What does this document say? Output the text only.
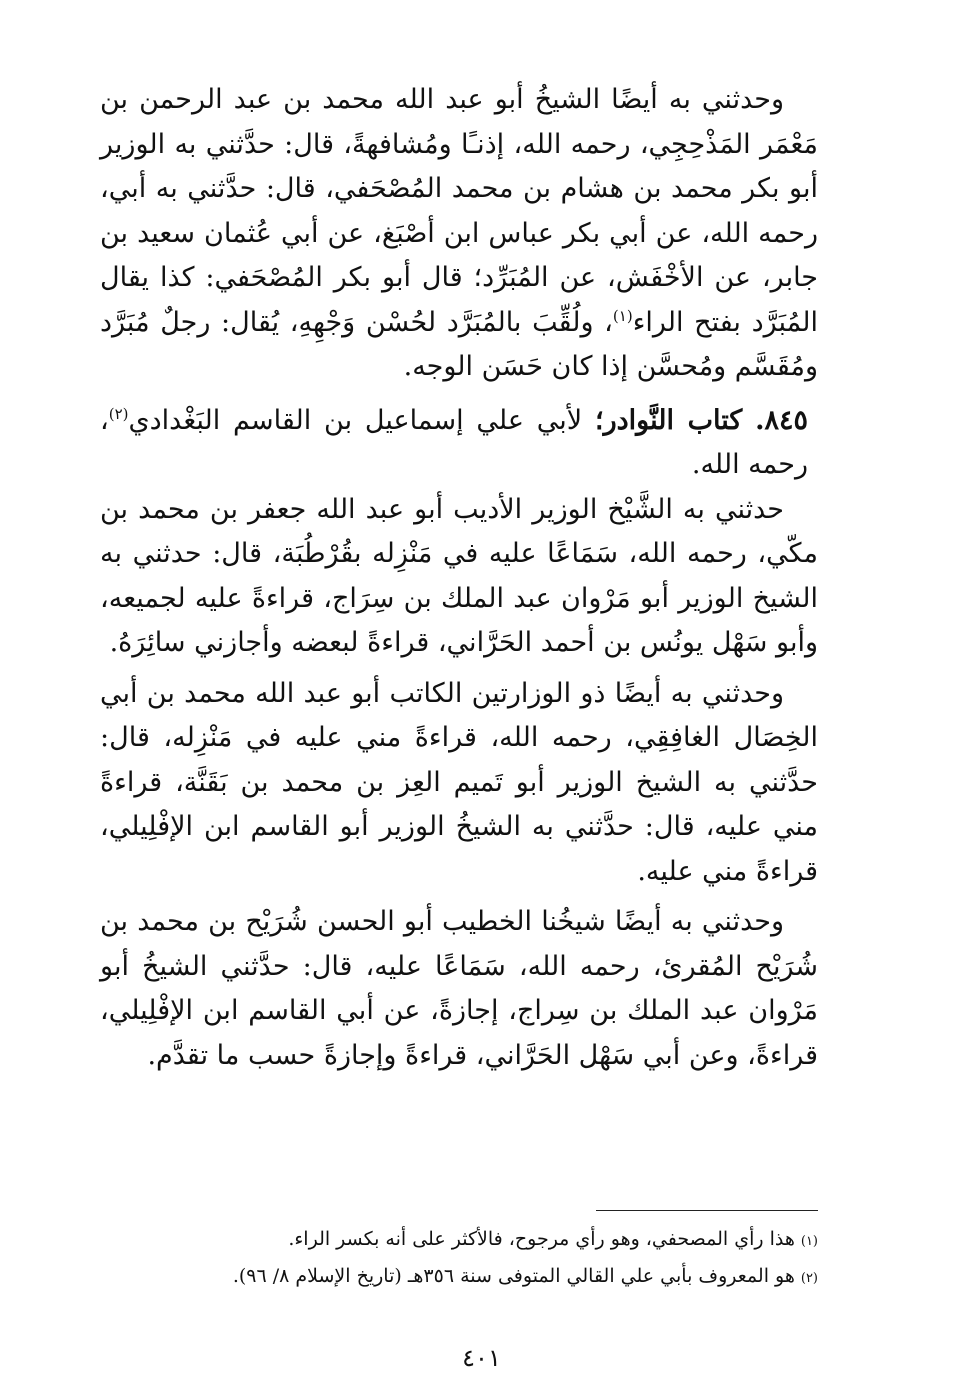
وحدثني به أيضًا الشيخُ أبو عبد الله محمد بن عبد الرحمن بن مَعْمَر المَذْحِجِي، رحمه الله، إذنـًا ومُشافهةً، قال: حدَّثني به الوزير أبو بكر محمد بن هشام بن محمد المُصْحَفي، قال: حدَّثني به أبي، رحمه الله، عن أبي بكر عباس ابن أصْبَغ، عن أبي عُثمان سعيد بن جابر، عن الأخْفَش، عن المُبَرِّد؛ قال أبو بكر المُصْحَفي: كذا يقال المُبَرَّد بفتح الراء$^{(١)}$، ولُقِّبَ بالمُبَرَّد لحُسْن وَجْهِهِ، يُقال: رجلٌ مُبَرَّد ومُقَسَّم ومُحسَّن إذا كان حَسَن الوجه.

٨٤٥. كتاب النَّوادر؛ لأبي علي إسماعيل بن القاسم البَغْدادي$^{(٢)}$، رحمه الله.

حدثني به الشَّيْخ الوزير الأديب أبو عبد الله جعفر بن محمد بن مكّي، رحمه الله، سَمَاعًا عليه في مَنْزِله بقُرْطُبَة، قال: حدثني به الشيخ الوزير أبو مَرْوان عبد الملك بن سِرَاج، قراءةً عليه لجميعه، وأبو سَهْل يونُس بن أحمد الحَرَّاني، قراءةً لبعضه وأجازني سائِرَهُ.

وحدثني به أيضًا ذو الوزارتين الكاتب أبو عبد الله محمد بن أبي الخِصَال الغافِقِي، رحمه الله، قراءةً مني عليه في مَنْزِله، قال: حدَّثني به الشيخ الوزير أبو تَميم العِز بن محمد بن بَقَنَّة، قراءةً مني عليه، قال: حدَّثني به الشيخُ الوزير أبو القاسم ابن الإفْلِيلي، قراءةً مني عليه.

وحدثني به أيضًا شيخُنا الخطيب أبو الحسن شُرَيْح بن محمد بن شُرَيْح المُقرئ، رحمه الله، سَمَاعًا عليه، قال: حدَّثني الشيخُ أبو مَرْوان عبد الملك بن سِراج، إجازةً، عن أبي القاسم ابن الإفْلِيلي، قراءةً، وعن أبي سَهْل الحَرَّاني، قراءةً وإجازةً حسب ما تقدَّم.

(١)هذا رأي المصحفي، وهو رأي مرجوح، فالأكثر على أنه بكسر الراء.

(٢)هو المعروف بأبي علي القالي المتوفى سنة ٣٥٦هـ (تاريخ الإسلام ٨/ ٩٦).

٤٠١
